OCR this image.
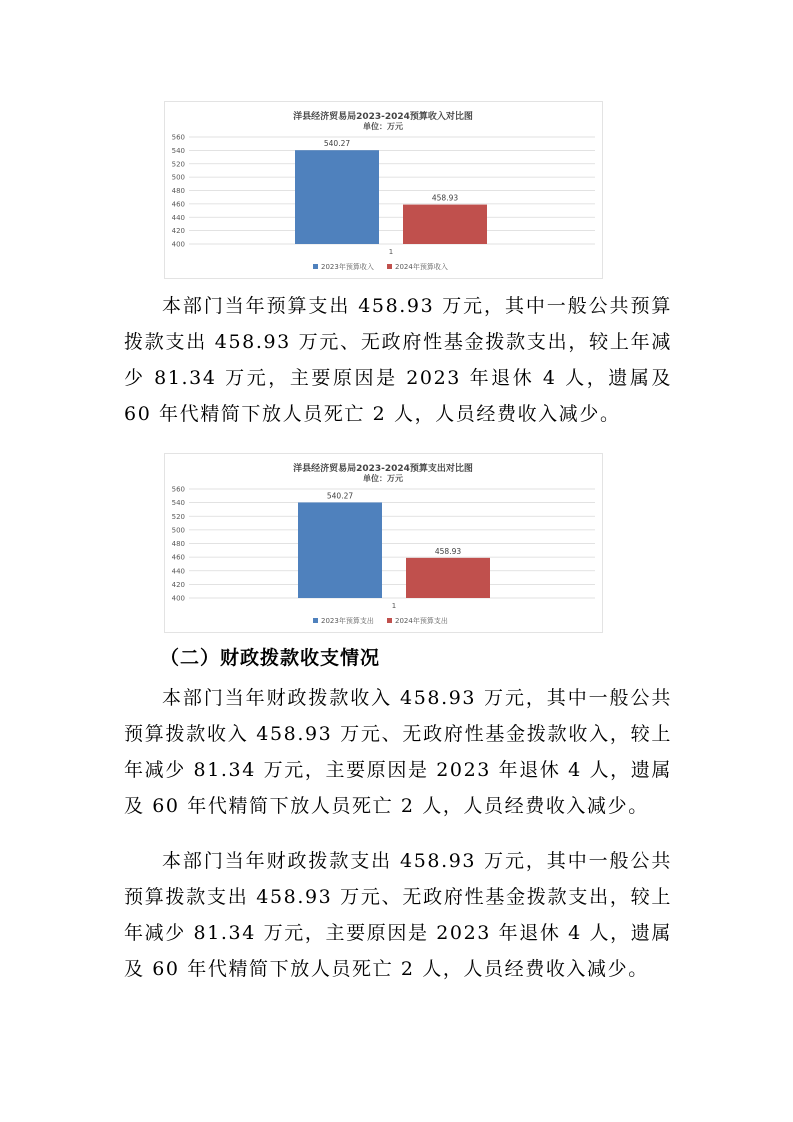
洋县经济贸易局2023-2024预算收入对比图
单位：万元
400
420
440
460
480
500
520
540
560
540.27
458.93
1
2023年预算收入	2024年预算收入

本部门当年预算支出 458.93 万元，其中一般公共预算拨款支出 458.93 万元、无政府性基金拨款支出，较上年减少 81.34 万元，主要原因是 2023 年退休 4 人，遗属及 60 年代精简下放人员死亡 2 人，人员经费收入减少。

洋县经济贸易局2023-2024预算支出对比图
单位：万元
400
420
440
460
480
500
520
540
560
540.27
458.93
1
2023年预算支出	2024年预算支出
（二）财政拨款收支情况

本部门当年财政拨款收入 458.93 万元，其中一般公共预算拨款收入 458.93 万元、无政府性基金拨款收入，较上年减少 81.34 万元，主要原因是 2023 年退休 4 人，遗属及 60 年代精简下放人员死亡 2 人，人员经费收入减少。

本部门当年财政拨款支出 458.93 万元，其中一般公共预算拨款支出 458.93 万元、无政府性基金拨款支出，较上年减少 81.34 万元，主要原因是 2023 年退休 4 人，遗属及 60 年代精简下放人员死亡 2 人，人员经费收入减少。
